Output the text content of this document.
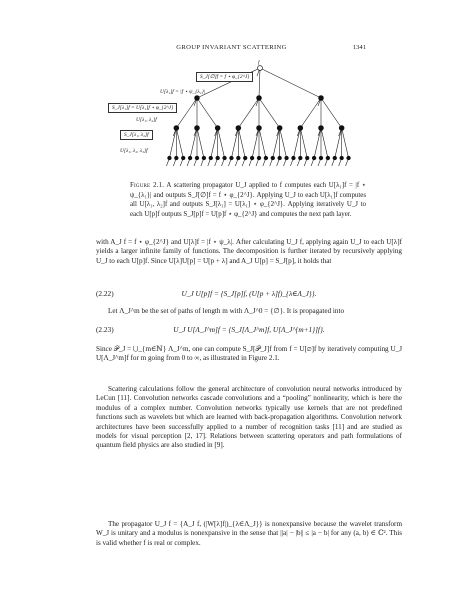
GROUP INVARIANT SCATTERING	1341
f
S_J[∅]f = f ⋆ φ_{2^J}
U[λ₁]f = |f ⋆ ψ_{λ₁}|
S_J[λ₁]f = U[λ₁]f ⋆ φ_{2^J}
U[λ₁, λ₂]f
S_J[λ₁, λ₂]f
U[λ₁, λ₂, λ₃]f
Figure 2.1. A scattering propagator U_J applied to f computes each U[λ₁]f = |f ⋆ ψ_{λ₁}| and outputs S_J[∅]f = f ⋆ φ_{2^J}. Applying U_J to each U[λ₁]f computes all U[λ₁, λ₂]f and outputs S_J[λ₁] = U[λ₁] ⋆ φ_{2^J}. Applying iteratively U_J to each U[p]f outputs S_J[p]f = U[p]f ⋆ φ_{2^J} and computes the next path layer.
with A_J f = f ⋆ φ_{2^J} and U[λ]f = |f ⋆ ψ_λ|. After calculating U_J f, applying again U_J to each U[λ]f yields a larger infinite family of functions. The decomposition is further iterated by recursively applying U_J to each U[p]f. Since U[λ]U[p] = U[p + λ] and A_J U[p] = S_J[p], it holds that
(2.22)	U_J U[p]f = {S_J[p]f, (U[p + λ]f)_{λ∈Λ_J}}.
Let Λ_J^m be the set of paths of length m with Λ_J^0 = {∅}. It is propagated into
(2.23)	U_J U[Λ_J^m]f = {S_J[Λ_J^m]f, U[Λ_J^{m+1}]f}.
Since 𝒫_J = ⋃_{m∈ℕ} Λ_J^m, one can compute S_J[𝒫_J]f from f = U[∅]f by iteratively computing U_J U[Λ_J^m]f for m going from 0 to ∞, as illustrated in Figure 2.1.
Scattering calculations follow the general architecture of convolution neural networks introduced by LeCun [11]. Convolution networks cascade convolutions and a “pooling” nonlinearity, which is here the modulus of a complex number. Convolution networks typically use kernels that are not predefined functions such as wavelets but which are learned with back-propagation algorithms. Convolution network architectures have been successfully applied to a number of recognition tasks [11] and are studied as models for visual perception [2, 17]. Relations between scattering operators and path formulations of quantum field physics are also studied in [9].
The propagator U_J f = {A_J f, (|W[λ]f|)_{λ∈Λ_J}} is nonexpansive because the wavelet transform W_J is unitary and a modulus is nonexpansive in the sense that ||a| − |b|| ≤ |a − b| for any (a, b) ∈ ℂ². This is valid whether f is real or complex.
